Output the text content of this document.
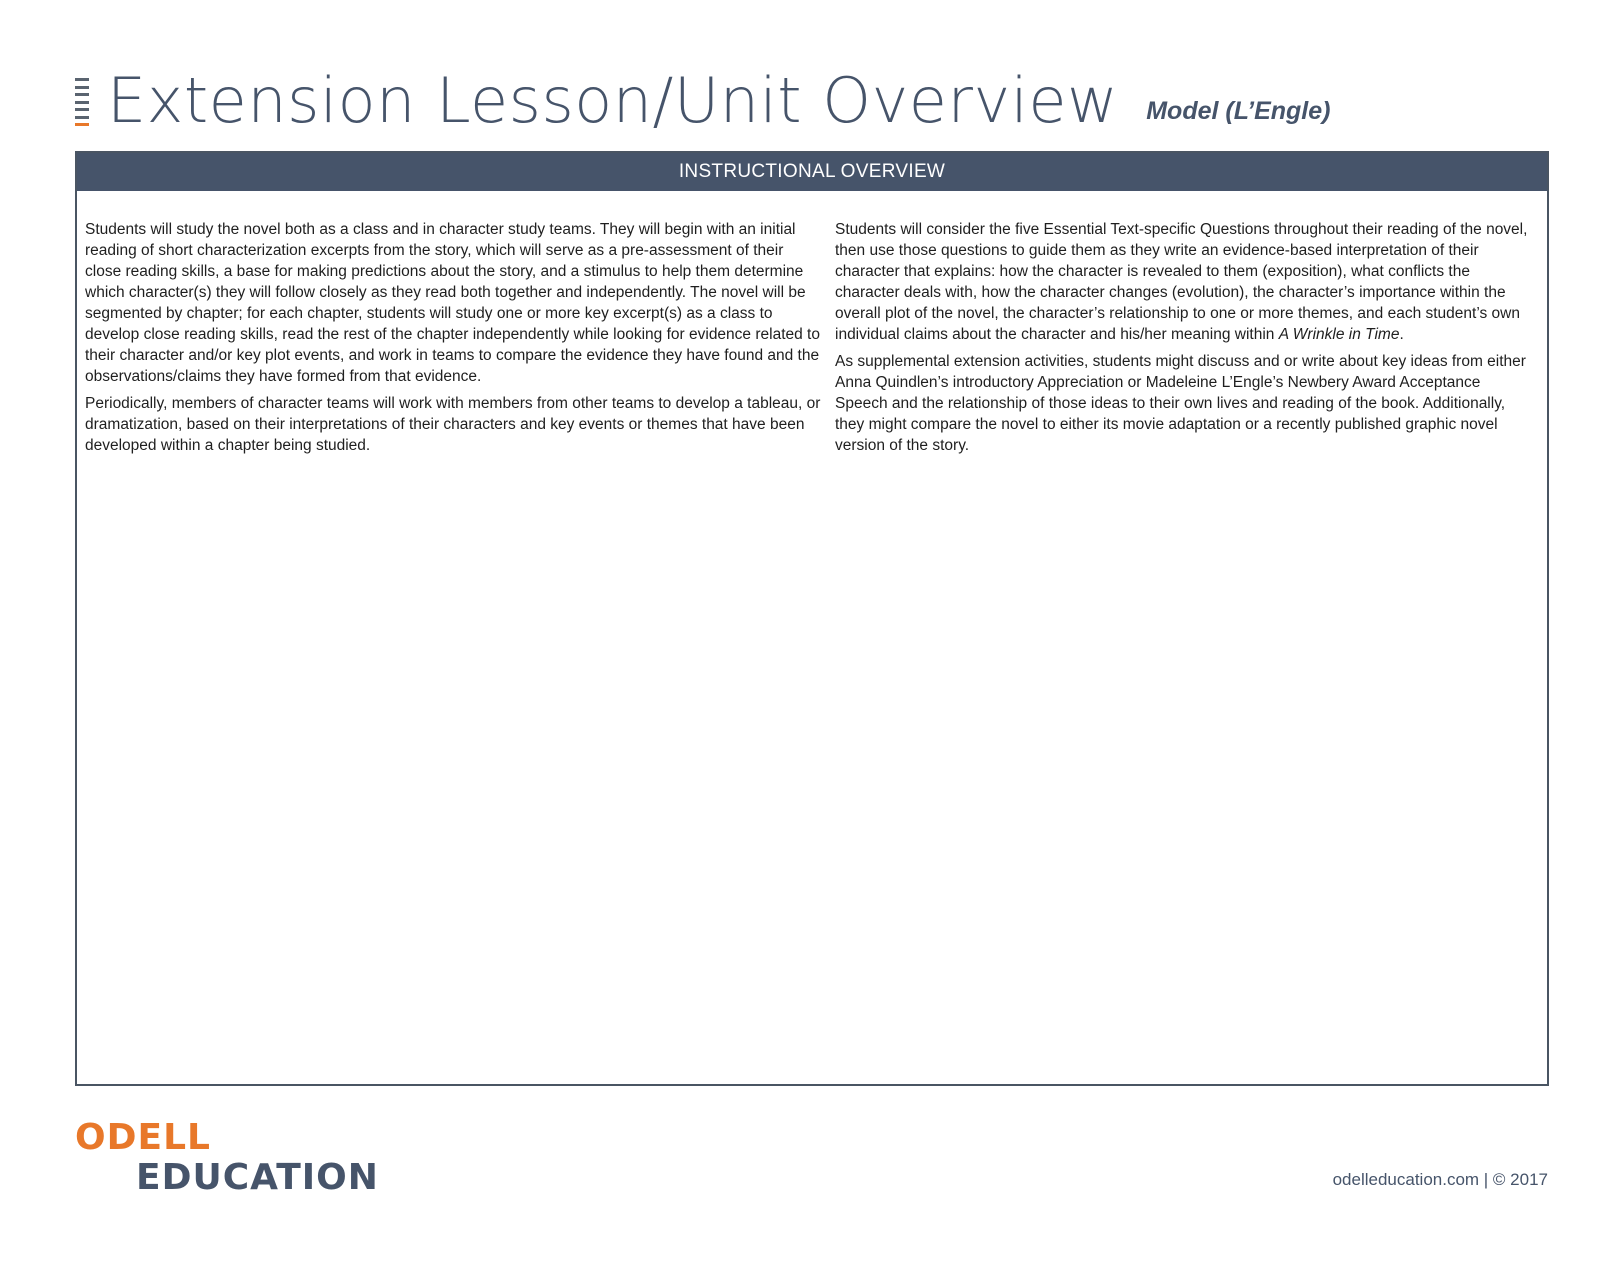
Extension Lesson/Unit Overview Model (L’Engle)
INSTRUCTIONAL OVERVIEW

Students will study the novel both as a class and in character study teams. They will begin with an initial reading of short characterization excerpts from the story, which will serve as a pre-assessment of their close reading skills, a base for making predictions about the story, and a stimulus to help them determine which character(s) they will follow closely as they read both together and independently. The novel will be segmented by chapter; for each chapter, students will study one or more key excerpt(s) as a class to develop close reading skills, read the rest of the chapter independently while looking for evidence related to their character and/or key plot events, and work in teams to compare the evidence they have found and the observations/claims they have formed from that evidence.

Periodically, members of character teams will work with members from other teams to develop a tableau, or dramatization, based on their interpretations of their characters and key events or themes that have been developed within a chapter being studied.

Students will consider the five Essential Text-specific Questions throughout their reading of the novel, then use those questions to guide them as they write an evidence-based interpretation of their character that explains: how the character is revealed to them (exposition), what conflicts the character deals with, how the character changes (evolution), the character’s importance within the overall plot of the novel, the character’s relationship to one or more themes, and each student’s own individual claims about the character and his/her meaning within A Wrinkle in Time.

As supplemental extension activities, students might discuss and or write about key ideas from either Anna Quindlen’s introductory Appreciation or Madeleine L’Engle’s Newbery Award Acceptance Speech and the relationship of those ideas to their own lives and reading of the book. Additionally, they might compare the novel to either its movie adaptation or a recently published graphic novel version of the story.

ODELL
EDUCATION	odelleducation.com | © 2017
